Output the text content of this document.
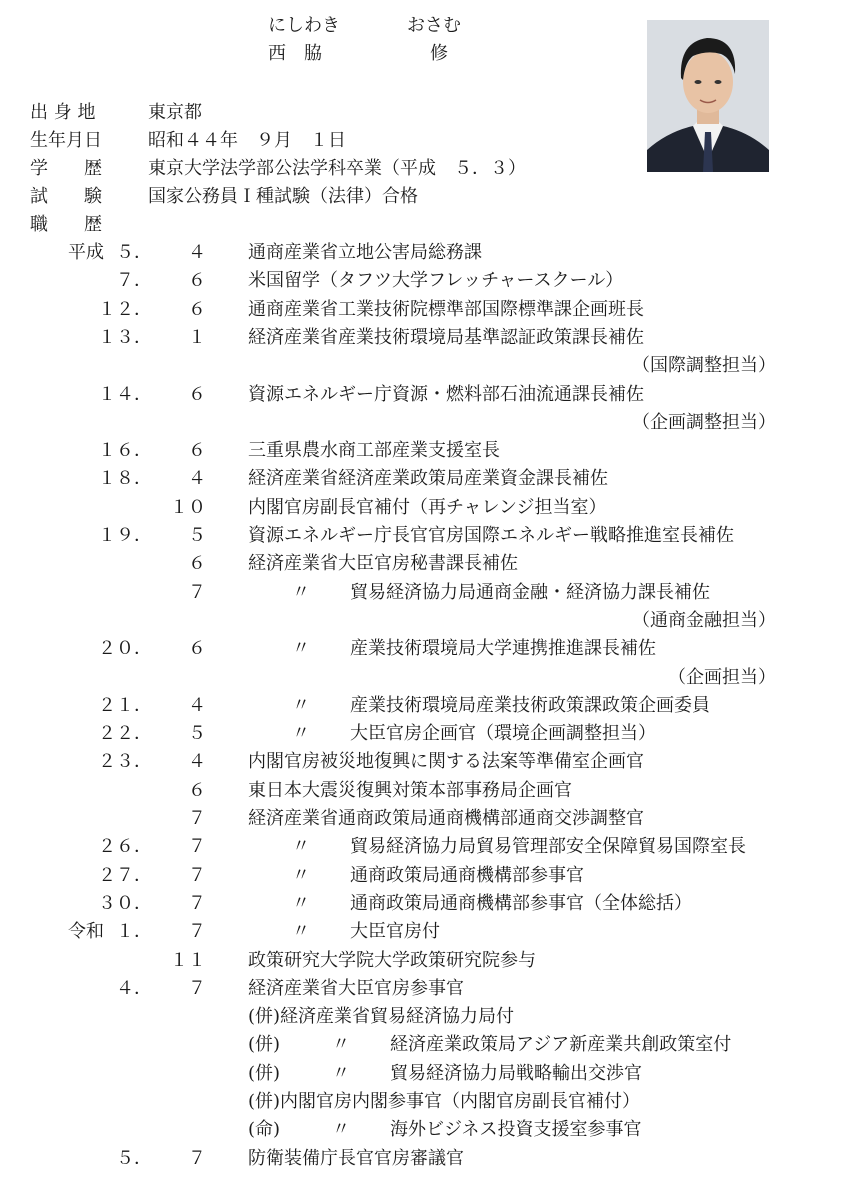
にしわき	おさむ
西　脇	修
出 身 地	東京都
生年月日	昭和４４年　９月　１日
学　　歴	東京大学法学部公法学科卒業（平成　５．３）
試　　験	国家公務員Ｉ種試験（法律）合格
職　　歴
平成 ５． ４ 通商産業省立地公害局総務課
７． ６ 米国留学（タフツ大学フレッチャースクール）
１２． ６ 通商産業省工業技術院標準部国際標準課企画班長
１３． １ 経済産業省産業技術環境局基準認証政策課長補佐
（国際調整担当）
１４． ６ 資源エネルギー庁資源・燃料部石油流通課長補佐
（企画調整担当）
１６． ６ 三重県農水商工部産業支援室長
１８． ４ 経済産業省経済産業政策局産業資金課長補佐
１０ 内閣官房副長官補付（再チャレンジ担当室）
１９． ５ 資源エネルギー庁長官官房国際エネルギー戦略推進室長補佐
６ 経済産業省大臣官房秘書課長補佐
７	〃 貿易経済協力局通商金融・経済協力課長補佐
（通商金融担当）
２０． ６	〃 産業技術環境局大学連携推進課長補佐
（企画担当）
２１． ４	〃 産業技術環境局産業技術政策課政策企画委員
２２． ５	〃 大臣官房企画官（環境企画調整担当）
２３． ４ 内閣官房被災地復興に関する法案等準備室企画官
６ 東日本大震災復興対策本部事務局企画官
７ 経済産業省通商政策局通商機構部通商交渉調整官
２６． ７	〃 貿易経済協力局貿易管理部安全保障貿易国際室長
２７． ７	〃 通商政策局通商機構部参事官
３０． ７	〃 通商政策局通商機構部参事官（全体総括）
令和 １． ７	〃 大臣官房付
１１ 政策研究大学院大学政策研究院参与
４． ７ 経済産業省大臣官房参事官
(併)経済産業省貿易経済協力局付
(併)	〃 経済産業政策局アジア新産業共創政策室付
(併)	〃 貿易経済協力局戦略輸出交渉官
(併)内閣官房内閣参事官（内閣官房副長官補付）
(命)	〃 海外ビジネス投資支援室参事官
５． ７ 防衛装備庁長官官房審議官
